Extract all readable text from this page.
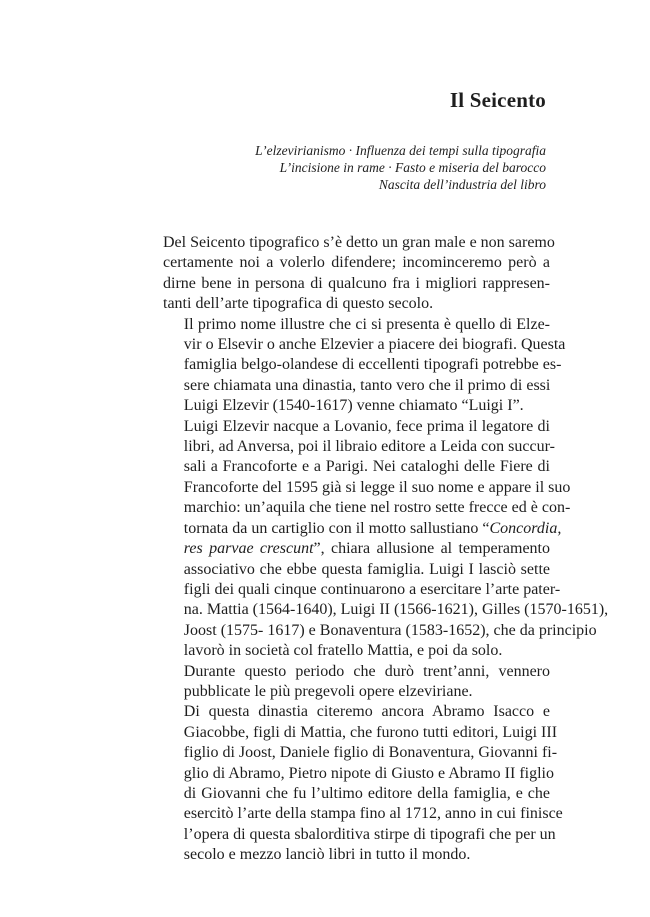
Il Seicento
L’elzevirianismo · Influenza dei tempi sulla tipografia
L’incisione in rame · Fasto e miseria del barocco
Nascita dell’industria del libro

Del Seicento tipografico s’è detto un gran male e non saremo
certamente noi a volerlo difendere; incominceremo però a
dirne bene in persona di qualcuno fra i migliori rappresen-
tanti dell’arte tipografica di questo secolo.

Il primo nome illustre che ci si presenta è quello di Elze-
vir o Elsevir o anche Elzevier a piacere dei biografi. Questa
famiglia belgo-olandese di eccellenti tipografi potrebbe es-
sere chiamata una dinastia, tanto vero che il primo di essi
Luigi Elzevir (1540-1617) venne chiamato “Luigi I”.

Luigi Elzevir nacque a Lovanio, fece prima il legatore di
libri, ad Anversa, poi il libraio editore a Leida con succur-
sali a Francoforte e a Parigi. Nei cataloghi delle Fiere di
Francoforte del 1595 già si legge il suo nome e appare il suo
marchio: un’aquila che tiene nel rostro sette frecce ed è con-
tornata da un cartiglio con il motto sallustiano “Concordia,
res parvae crescunt”, chiara allusione al temperamento
associativo che ebbe questa famiglia. Luigi I lasciò sette
figli dei quali cinque continuarono a esercitare l’arte pater-
na. Mattia (1564-1640), Luigi II (1566-1621), Gilles (1570-1651),
Joost (1575- 1617) e Bonaventura (1583-1652), che da principio
lavorò in società col fratello Mattia, e poi da solo.

Durante questo periodo che durò trent’anni, vennero
pubblicate le più pregevoli opere elzeviriane.

Di questa dinastia citeremo ancora Abramo Isacco e
Giacobbe, figli di Mattia, che furono tutti editori, Luigi III
figlio di Joost, Daniele figlio di Bonaventura, Giovanni fi-
glio di Abramo, Pietro nipote di Giusto e Abramo II figlio
di Giovanni che fu l’ultimo editore della famiglia, e che
esercitò l’arte della stampa fino al 1712, anno in cui finisce
l’opera di questa sbalorditiva stirpe di tipografi che per un
secolo e mezzo lanciò libri in tutto il mondo.
